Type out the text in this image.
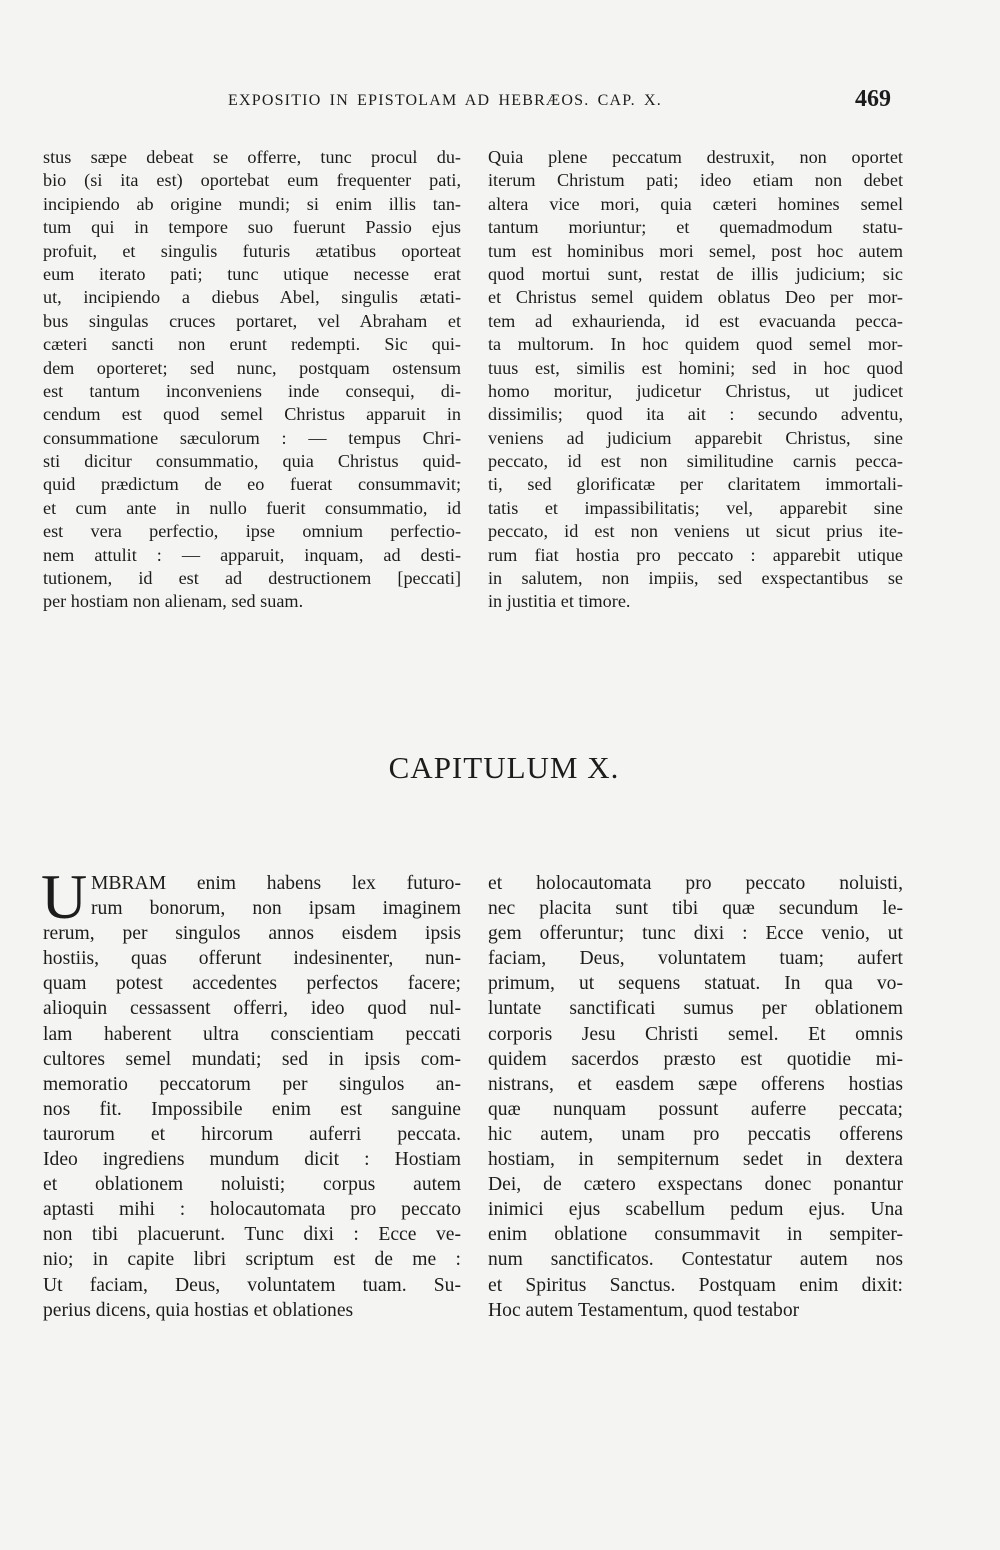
EXPOSITIO IN EPISTOLAM AD HEBRÆOS. CAP. X.	469
stus sæpe debeat se offerre, tunc procul du-
bio (si ita est) oportebat eum frequenter pati,
incipiendo ab origine mundi; si enim illis tan-
tum qui in tempore suo fuerunt Passio ejus
profuit, et singulis futuris ætatibus oporteat
eum iterato pati; tunc utique necesse erat
ut, incipiendo a diebus Abel, singulis ætati-
bus singulas cruces portaret, vel Abraham et
cæteri sancti non erunt redempti. Sic qui-
dem oporteret; sed nunc, postquam ostensum
est tantum inconveniens inde consequi, di-
cendum est quod semel Christus apparuit in
consummatione sæculorum : — tempus Chri-
sti dicitur consummatio, quia Christus quid-
quid prædictum de eo fuerat consummavit;
et cum ante in nullo fuerit consummatio, id
est vera perfectio, ipse omnium perfectio-
nem attulit : — apparuit, inquam, ad desti-
tutionem, id est ad destructionem [peccati]
per hostiam non alienam, sed suam.
Quia plene peccatum destruxit, non oportet
iterum Christum pati; ideo etiam non debet
altera vice mori, quia cæteri homines semel
tantum moriuntur; et quemadmodum statu-
tum est hominibus mori semel, post hoc autem
quod mortui sunt, restat de illis judicium; sic
et Christus semel quidem oblatus Deo per mor-
tem ad exhaurienda, id est evacuanda pecca-
ta multorum. In hoc quidem quod semel mor-
tuus est, similis est homini; sed in hoc quod
homo moritur, judicetur Christus, ut judicet
dissimilis; quod ita ait : secundo adventu,
veniens ad judicium apparebit Christus, sine
peccato, id est non similitudine carnis pecca-
ti, sed glorificatæ per claritatem immortali-
tatis et impassibilitatis; vel, apparebit sine
peccato, id est non veniens ut sicut prius ite-
rum fiat hostia pro peccato : apparebit utique
in salutem, non impiis, sed exspectantibus se
in justitia et timore.
CAPITULUM X.
U MBRAM enim habens lex futuro-
rum bonorum, non ipsam imaginem
rerum, per singulos annos eisdem ipsis
hostiis, quas offerunt indesinenter, nun-
quam potest accedentes perfectos facere;
alioquin cessassent offerri, ideo quod nul-
lam haberent ultra conscientiam peccati
cultores semel mundati; sed in ipsis com-
memoratio peccatorum per singulos an-
nos fit. Impossibile enim est sanguine
taurorum et hircorum auferri peccata.
Ideo ingrediens mundum dicit : Hostiam
et oblationem noluisti; corpus autem
aptasti mihi : holocautomata pro peccato
non tibi placuerunt. Tunc dixi : Ecce ve-
nio; in capite libri scriptum est de me :
Ut faciam, Deus, voluntatem tuam. Su-
perius dicens, quia hostias et oblationes
et holocautomata pro peccato noluisti,
nec placita sunt tibi quæ secundum le-
gem offeruntur; tunc dixi : Ecce venio, ut
faciam, Deus, voluntatem tuam; aufert
primum, ut sequens statuat. In qua vo-
luntate sanctificati sumus per oblationem
corporis Jesu Christi semel. Et omnis
quidem sacerdos præsto est quotidie mi-
nistrans, et easdem sæpe offerens hostias
quæ nunquam possunt auferre peccata;
hic autem, unam pro peccatis offerens
hostiam, in sempiternum sedet in dextera
Dei, de cætero exspectans donec ponantur
inimici ejus scabellum pedum ejus. Una
enim oblatione consummavit in sempiter-
num sanctificatos. Contestatur autem nos
et Spiritus Sanctus. Postquam enim dixit:
Hoc autem Testamentum, quod testabor
